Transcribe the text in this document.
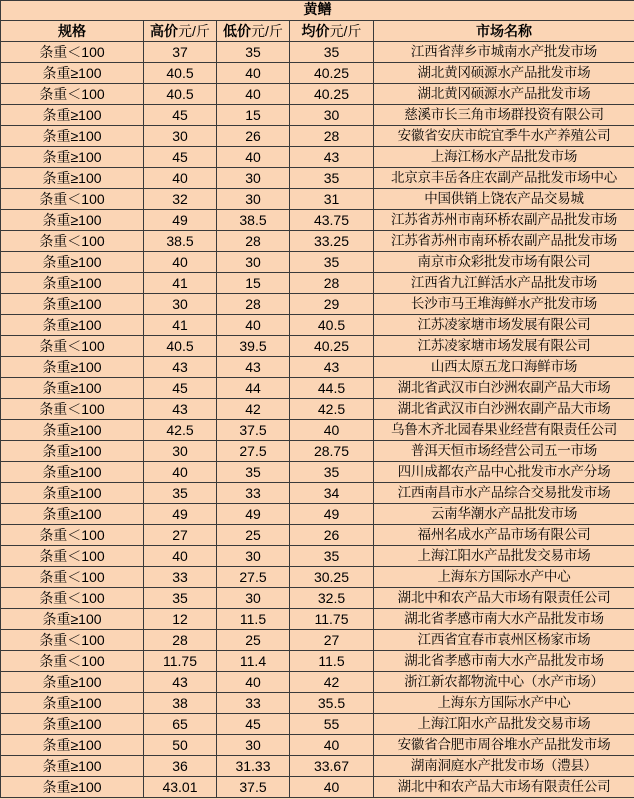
黄鳝				
规格	高价元/斤	低价元/斤	均价元/斤	市场名称
条重＜100	37	35	35	江西省萍乡市城南水产批发市场
条重≥100	40.5	40	40.25	湖北黄冈硕源水产品批发市场
条重＜100	40.5	40	40.25	湖北黄冈硕源水产品批发市场
条重≥100	45	15	30	慈溪市长三角市场群投资有限公司
条重≥100	30	26	28	安徽省安庆市皖宜季牛水产养殖公司
条重≥100	45	40	43	上海江杨水产品批发市场
条重≥100	40	30	35	北京京丰岳各庄农副产品批发市场中心
条重＜100	32	30	31	中国供销上饶农产品交易城
条重≥100	49	38.5	43.75	江苏省苏州市南环桥农副产品批发市场
条重＜100	38.5	28	33.25	江苏省苏州市南环桥农副产品批发市场
条重≥100	40	30	35	南京市众彩批发市场有限公司
条重≥100	41	15	28	江西省九江鲜活水产品批发市场
条重≥100	30	28	29	长沙市马王堆海鲜水产批发市场
条重≥100	41	40	40.5	江苏凌家塘市场发展有限公司
条重＜100	40.5	39.5	40.25	江苏凌家塘市场发展有限公司
条重≥100	43	43	43	山西太原五龙口海鲜市场
条重≥100	45	44	44.5	湖北省武汉市白沙洲农副产品大市场
条重＜100	43	42	42.5	湖北省武汉市白沙洲农副产品大市场
条重≥100	42.5	37.5	40	乌鲁木齐北园春果业经营有限责任公司
条重≥100	30	27.5	28.75	普洱天恒市场经营公司五一市场
条重≥100	40	35	35	四川成都农产品中心批发市水产分场
条重≥100	35	33	34	江西南昌市水产品综合交易批发市场
条重≥100	49	49	49	云南华潮水产品批发市场
条重＜100	27	25	26	福州名成水产品市场有限公司
条重＜100	40	30	35	上海江阳水产品批发交易市场
条重＜100	33	27.5	30.25	上海东方国际水产中心
条重＜100	35	30	32.5	湖北中和农产品大市场有限责任公司
条重≥100	12	11.5	11.75	湖北省孝感市南大水产品批发市场
条重＜100	28	25	27	江西省宜春市袁州区杨家市场
条重＜100	11.75	11.4	11.5	湖北省孝感市南大水产品批发市场
条重≥100	43	40	42	浙江新农都物流中心（水产市场）
条重≥100	38	33	35.5	上海东方国际水产中心
条重≥100	65	45	55	上海江阳水产品批发交易市场
条重≥100	50	30	40	安徽省合肥市周谷堆水产品批发市场
条重≥100	36	31.33	33.67	湖南洞庭水产批发市场（澧县）
条重≥100	43.01	37.5	40	湖北中和农产品大市场有限责任公司
